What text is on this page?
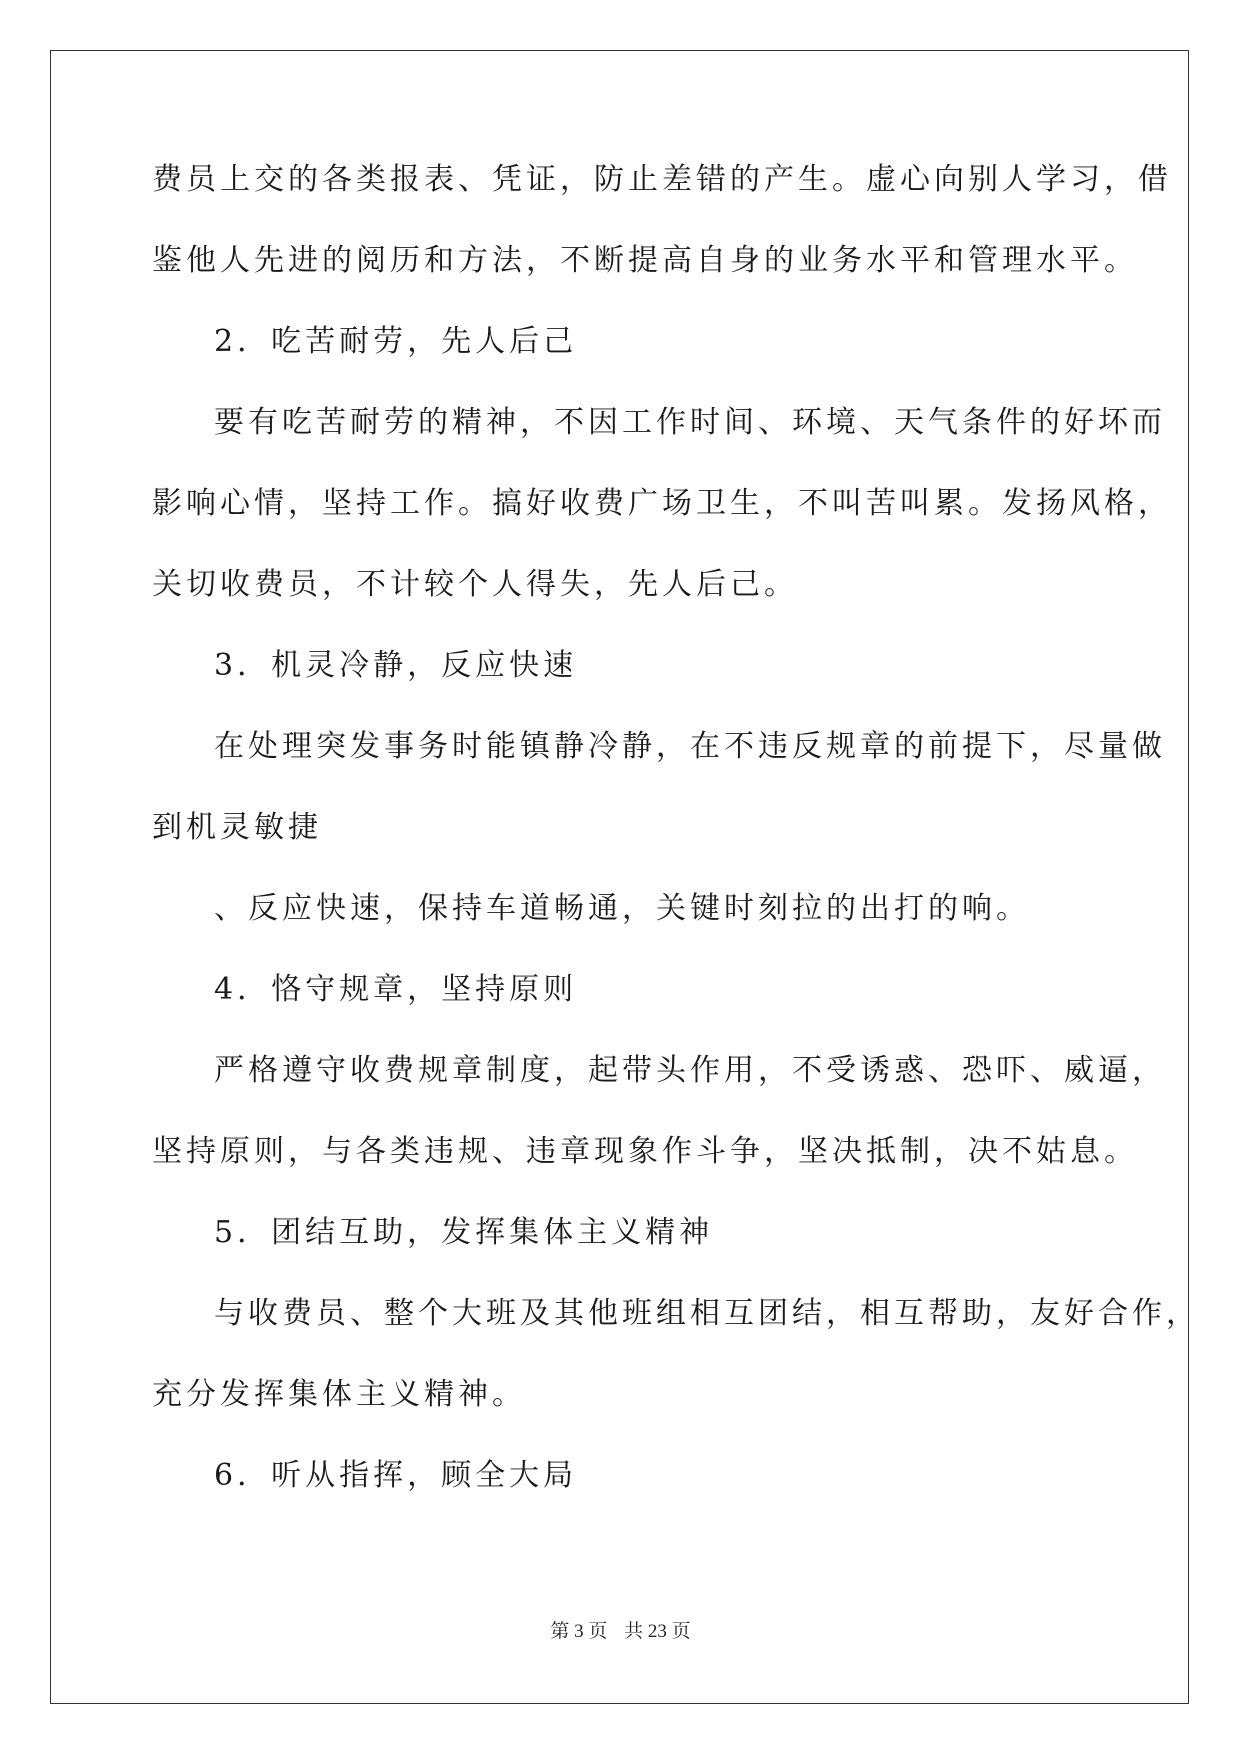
费员上交的各类报表、凭证，防止差错的产生。虚心向别人学习，借
鉴他人先进的阅历和方法，不断提高自身的业务水平和管理水平。
2．吃苦耐劳，先人后己
要有吃苦耐劳的精神，不因工作时间、环境、天气条件的好坏而
影响心情，坚持工作。搞好收费广场卫生，不叫苦叫累。发扬风格，
关切收费员，不计较个人得失，先人后己。
3．机灵冷静，反应快速
在处理突发事务时能镇静冷静，在不违反规章的前提下，尽量做
到机灵敏捷
、反应快速，保持车道畅通，关键时刻拉的出打的响。
4．恪守规章，坚持原则
严格遵守收费规章制度，起带头作用，不受诱惑、恐吓、威逼，
坚持原则，与各类违规、违章现象作斗争，坚决抵制，决不姑息。
5．团结互助，发挥集体主义精神
与收费员、整个大班及其他班组相互团结，相互帮助，友好合作，
充分发挥集体主义精神。
6．听从指挥，顾全大局
第 3 页 共 23 页
